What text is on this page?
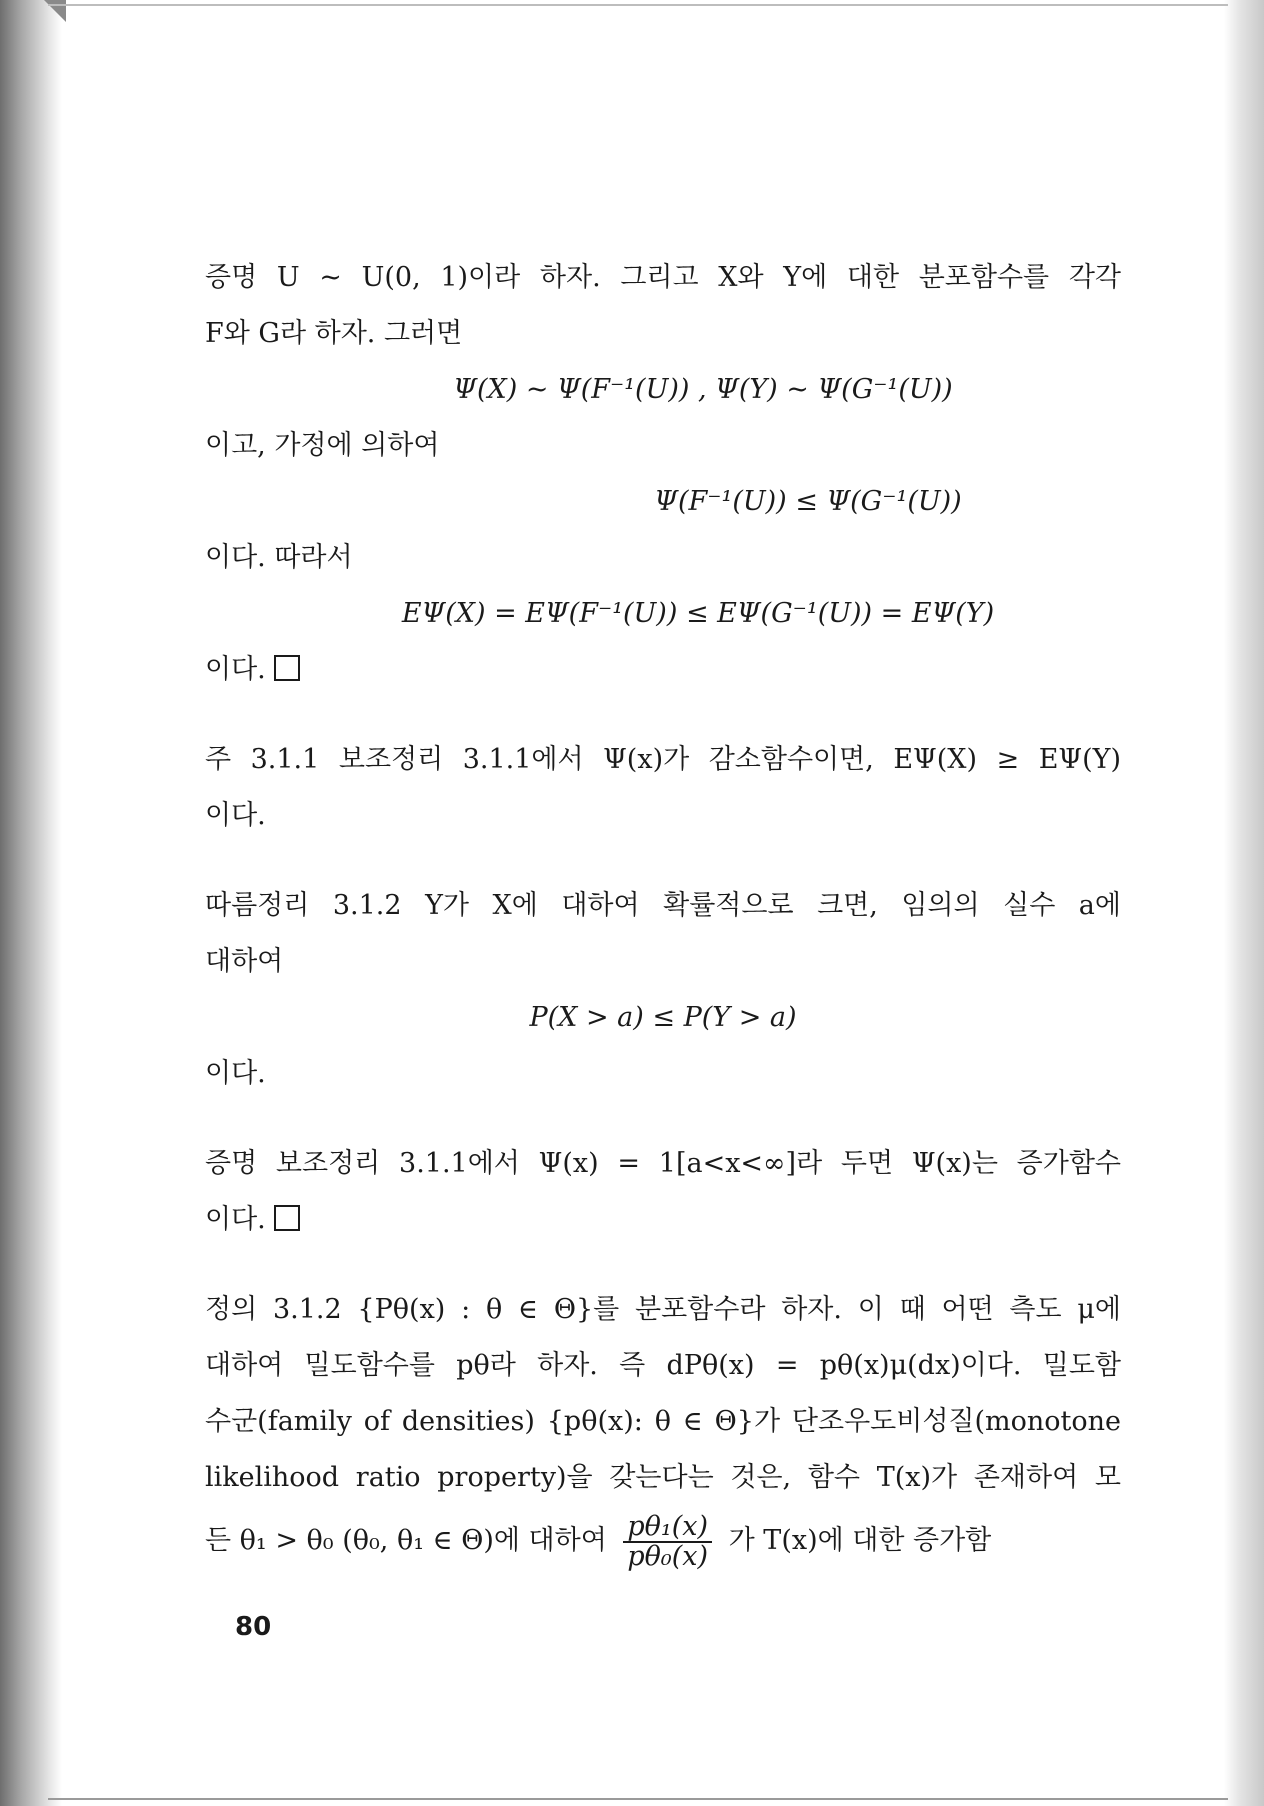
증명 U ~ U(0, 1)이라 하자. 그리고 X와 Y에 대한 분포함수를 각각
F와 G라 하자. 그러면
Ψ(X) ~ Ψ(F⁻¹(U)) , Ψ(Y) ~ Ψ(G⁻¹(U))
이고, 가정에 의하여
Ψ(F⁻¹(U)) ≤ Ψ(G⁻¹(U))
이다. 따라서
EΨ(X) = EΨ(F⁻¹(U)) ≤ EΨ(G⁻¹(U)) = EΨ(Y)
이다.
주 3.1.1 보조정리 3.1.1에서 Ψ(x)가 감소함수이면, EΨ(X) ≥ EΨ(Y)
이다.
따름정리 3.1.2 Y가 X에 대하여 확률적으로 크면, 임의의 실수 a에
대하여
P(X > a) ≤ P(Y > a)
이다.
증명 보조정리 3.1.1에서 Ψ(x) = 1[a<x<∞]라 두면 Ψ(x)는 증가함수
이다.
정의 3.1.2 {Pθ(x) : θ ∈ Θ}를 분포함수라 하자. 이 때 어떤 측도 μ에
대하여 밀도함수를 pθ라 하자. 즉 dPθ(x) = pθ(x)μ(dx)이다. 밀도함
수군(family of densities) {pθ(x): θ ∈ Θ}가 단조우도비성질(monotone
likelihood ratio property)을 갖는다는 것은, 함수 T(x)가 존재하여 모
든 θ₁ > θ₀ (θ₀, θ₁ ∈ Θ)에 대하여 $\frac{\text{pθ₁(x)}}{\text{pθ₀(x)}}$ 가 T(x)에 대한 증가함
80
